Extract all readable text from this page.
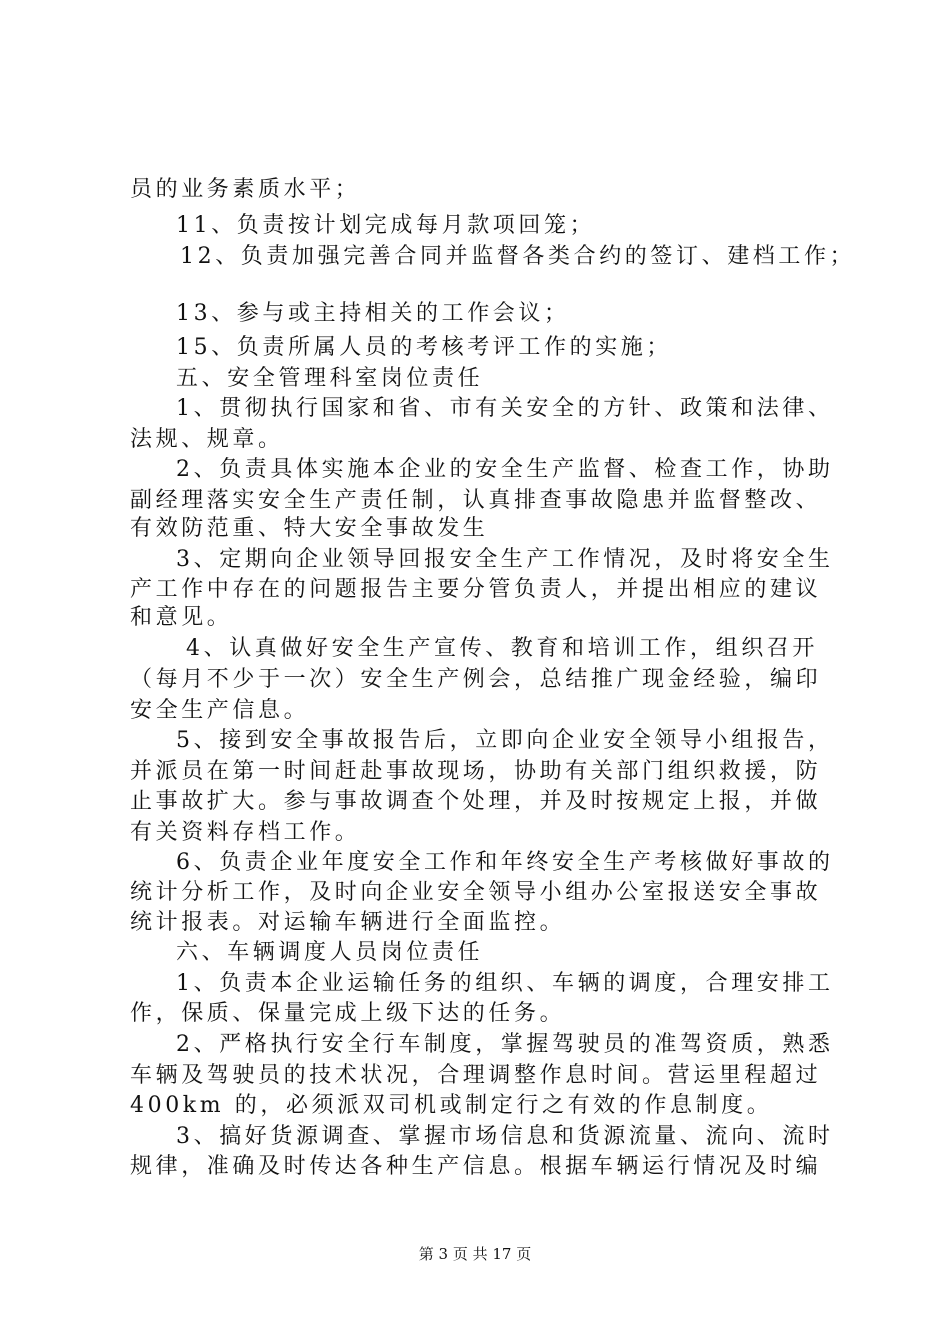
员的业务素质水平；
11、负责按计划完成每月款项回笼；
12、负责加强完善合同并监督各类合约的签订、建档工作；
13、参与或主持相关的工作会议；
15、负责所属人员的考核考评工作的实施；
五、安全管理科室岗位责任
1、贯彻执行国家和省、市有关安全的方针、政策和法律、
法规、规章。
2、负责具体实施本企业的安全生产监督、检查工作，协助
副经理落实安全生产责任制，认真排查事故隐患并监督整改、
有效防范重、特大安全事故发生
3、定期向企业领导回报安全生产工作情况，及时将安全生
产工作中存在的问题报告主要分管负责人，并提出相应的建议
和意见。
4、认真做好安全生产宣传、教育和培训工作，组织召开
（每月不少于一次）安全生产例会，总结推广现金经验，编印
安全生产信息。
5、接到安全事故报告后，立即向企业安全领导小组报告，
并派员在第一时间赶赴事故现场，协助有关部门组织救援，防
止事故扩大。参与事故调查个处理，并及时按规定上报，并做
有关资料存档工作。
6、负责企业年度安全工作和年终安全生产考核做好事故的
统计分析工作，及时向企业安全领导小组办公室报送安全事故
统计报表。对运输车辆进行全面监控。
六、车辆调度人员岗位责任
1、负责本企业运输任务的组织、车辆的调度，合理安排工
作，保质、保量完成上级下达的任务。
2、严格执行安全行车制度，掌握驾驶员的准驾资质，熟悉
车辆及驾驶员的技术状况，合理调整作息时间。营运里程超过
400km 的，必须派双司机或制定行之有效的作息制度。
3、搞好货源调查、掌握市场信息和货源流量、流向、流时
规律，准确及时传达各种生产信息。根据车辆运行情况及时编
第 3 页 共 17 页
